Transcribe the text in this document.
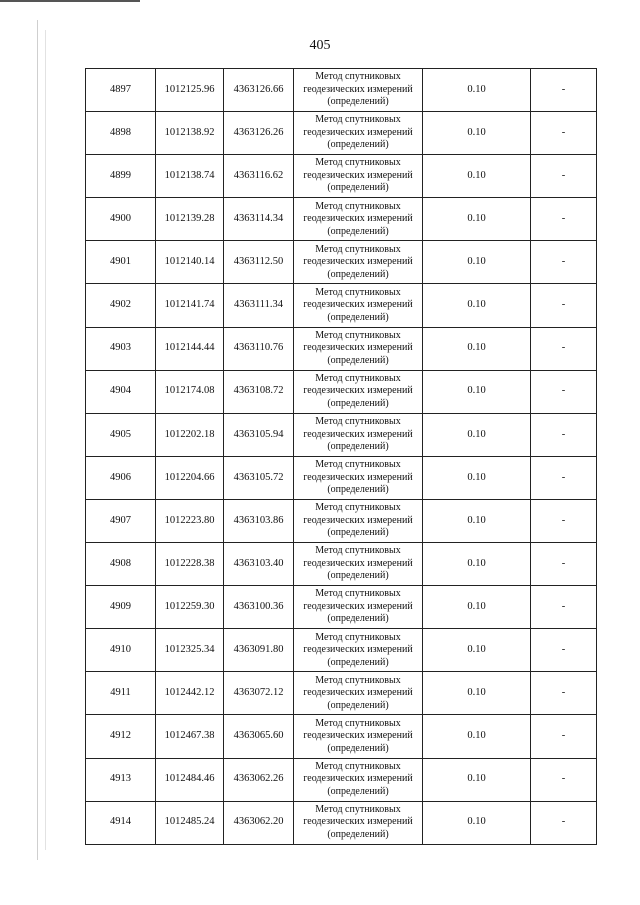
405
4897	1012125.96	4363126.66	Метод спутниковых
геодезических измерений
(определений)	0.10	-
4898	1012138.92	4363126.26	Метод спутниковых
геодезических измерений
(определений)	0.10	-
4899	1012138.74	4363116.62	Метод спутниковых
геодезических измерений
(определений)	0.10	-
4900	1012139.28	4363114.34	Метод спутниковых
геодезических измерений
(определений)	0.10	-
4901	1012140.14	4363112.50	Метод спутниковых
геодезических измерений
(определений)	0.10	-
4902	1012141.74	4363111.34	Метод спутниковых
геодезических измерений
(определений)	0.10	-
4903	1012144.44	4363110.76	Метод спутниковых
геодезических измерений
(определений)	0.10	-
4904	1012174.08	4363108.72	Метод спутниковых
геодезических измерений
(определений)	0.10	-
4905	1012202.18	4363105.94	Метод спутниковых
геодезических измерений
(определений)	0.10	-
4906	1012204.66	4363105.72	Метод спутниковых
геодезических измерений
(определений)	0.10	-
4907	1012223.80	4363103.86	Метод спутниковых
геодезических измерений
(определений)	0.10	-
4908	1012228.38	4363103.40	Метод спутниковых
геодезических измерений
(определений)	0.10	-
4909	1012259.30	4363100.36	Метод спутниковых
геодезических измерений
(определений)	0.10	-
4910	1012325.34	4363091.80	Метод спутниковых
геодезических измерений
(определений)	0.10	-
4911	1012442.12	4363072.12	Метод спутниковых
геодезических измерений
(определений)	0.10	-
4912	1012467.38	4363065.60	Метод спутниковых
геодезических измерений
(определений)	0.10	-
4913	1012484.46	4363062.26	Метод спутниковых
геодезических измерений
(определений)	0.10	-
4914	1012485.24	4363062.20	Метод спутниковых
геодезических измерений
(определений)	0.10	-
